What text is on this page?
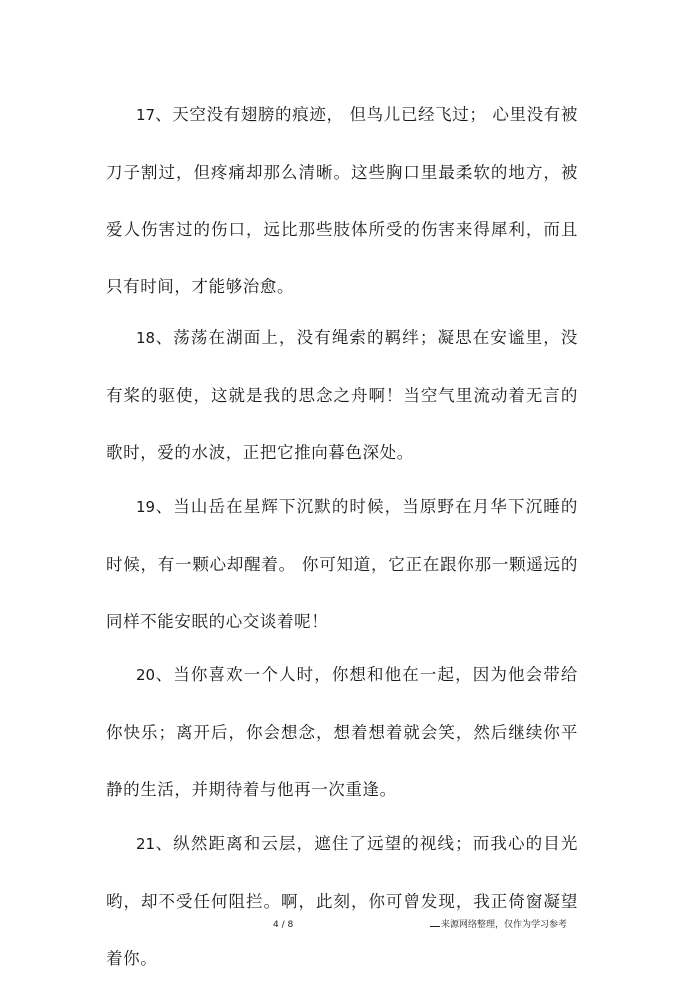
17、天空没有翅膀的痕迹， 但鸟儿已经飞过； 心里没有被刀子割过，但疼痛却那么清晰。这些胸口里最柔软的地方，被爱人伤害过的伤口，远比那些肢体所受的伤害来得犀利，而且只有时间，才能够治愈。

18、荡荡在湖面上，没有绳索的羁绊；凝思在安谧里，没有桨的驱使，这就是我的思念之舟啊！当空气里流动着无言的歌时，爱的水波，正把它推向暮色深处。

19、当山岳在星辉下沉默的时候，当原野在月华下沉睡的时候，有一颗心却醒着。 你可知道，它正在跟你那一颗遥远的同样不能安眠的心交谈着呢！

20、当你喜欢一个人时，你想和他在一起，因为他会带给你快乐；离开后，你会想念，想着想着就会笑，然后继续你平静的生活，并期待着与他再一次重逢。

21、纵然距离和云层，遮住了远望的视线；而我心的目光哟，却不受任何阻拦。啊，此刻，你可曾发现，我正倚窗凝望着你。

4 / 8	来源网络整理，仅作为学习参考
